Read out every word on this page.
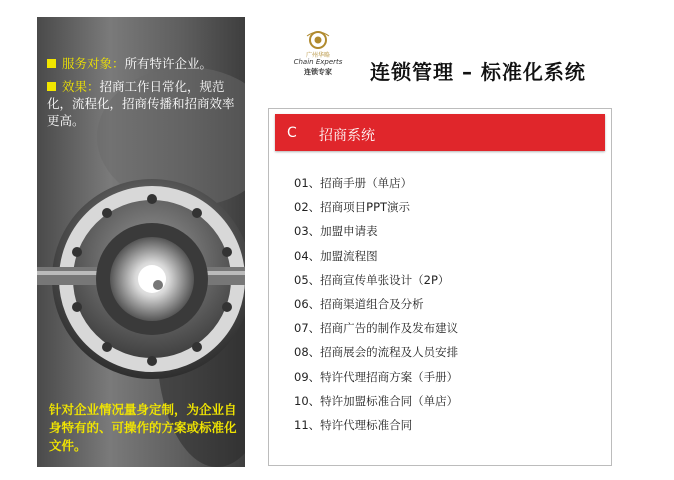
服务对象：所有特许企业。
效果：招商工作日常化，规范化，流程化，招商传播和招商效率更高。
针对企业情况量身定制，为企业自身特有的、可操作的方案或标准化文件。
广州华略
Chain Experts
连锁专家	连锁管理 – 标准化系统
C 招商系统
01、招商手册（单店）
02、招商项目PPT演示
03、加盟申请表
04、加盟流程图
05、招商宣传单张设计（2P）
06、招商渠道组合及分析
07、招商广告的制作及发布建议
08、招商展会的流程及人员安排
09、特许代理招商方案（手册）
10、特许加盟标准合同（单店）
11、特许代理标准合同
